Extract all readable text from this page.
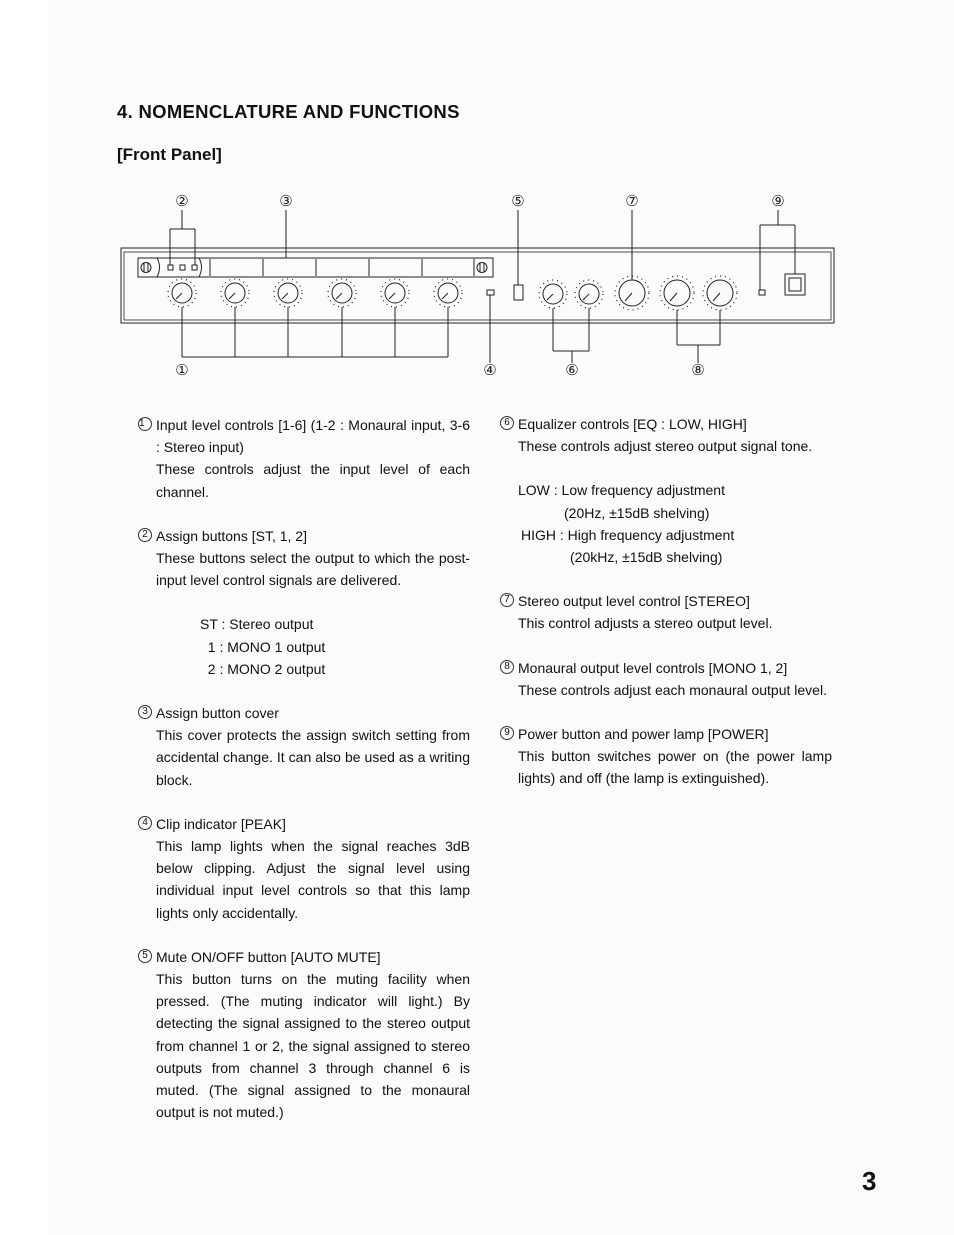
4. NOMENCLATURE AND FUNCTIONS
[Front Panel]
②	③	⑤	⑦	⑨
①	④	⑥	⑧
1 Input level controls [1-6] (1-2 : Monaural input, 3-6 : Stereo input)
These controls adjust the input level of each channel.
2 Assign buttons [ST, 1, 2]
These buttons select the output to which the post-input level control signals are delivered.
ST : Stereo output
1 : MONO 1 output
2 : MONO 2 output
3 Assign button cover
This cover protects the assign switch setting from accidental change. It can also be used as a writing block.
4 Clip indicator [PEAK]
This lamp lights when the signal reaches 3dB below clipping. Adjust the signal level using individual input level controls so that this lamp lights only accidentally.
5 Mute ON/OFF button [AUTO MUTE]
This button turns on the muting facility when pressed. (The muting indicator will light.) By detecting the signal assigned to the stereo output from channel 1 or 2, the signal assigned to stereo outputs from channel 3 through channel 6 is muted. (The signal assigned to the monaural output is not muted.)
6 Equalizer controls [EQ : LOW, HIGH]
These controls adjust stereo output signal tone.
LOW : Low frequency adjustment
(20Hz, ±15dB shelving)
HIGH : High frequency adjustment
(20kHz, ±15dB shelving)
7 Stereo output level control [STEREO]
This control adjusts a stereo output level.
8 Monaural output level controls [MONO 1, 2]
These controls adjust each monaural output level.
9 Power button and power lamp [POWER]
This button switches power on (the power lamp lights) and off (the lamp is extinguished).
3
